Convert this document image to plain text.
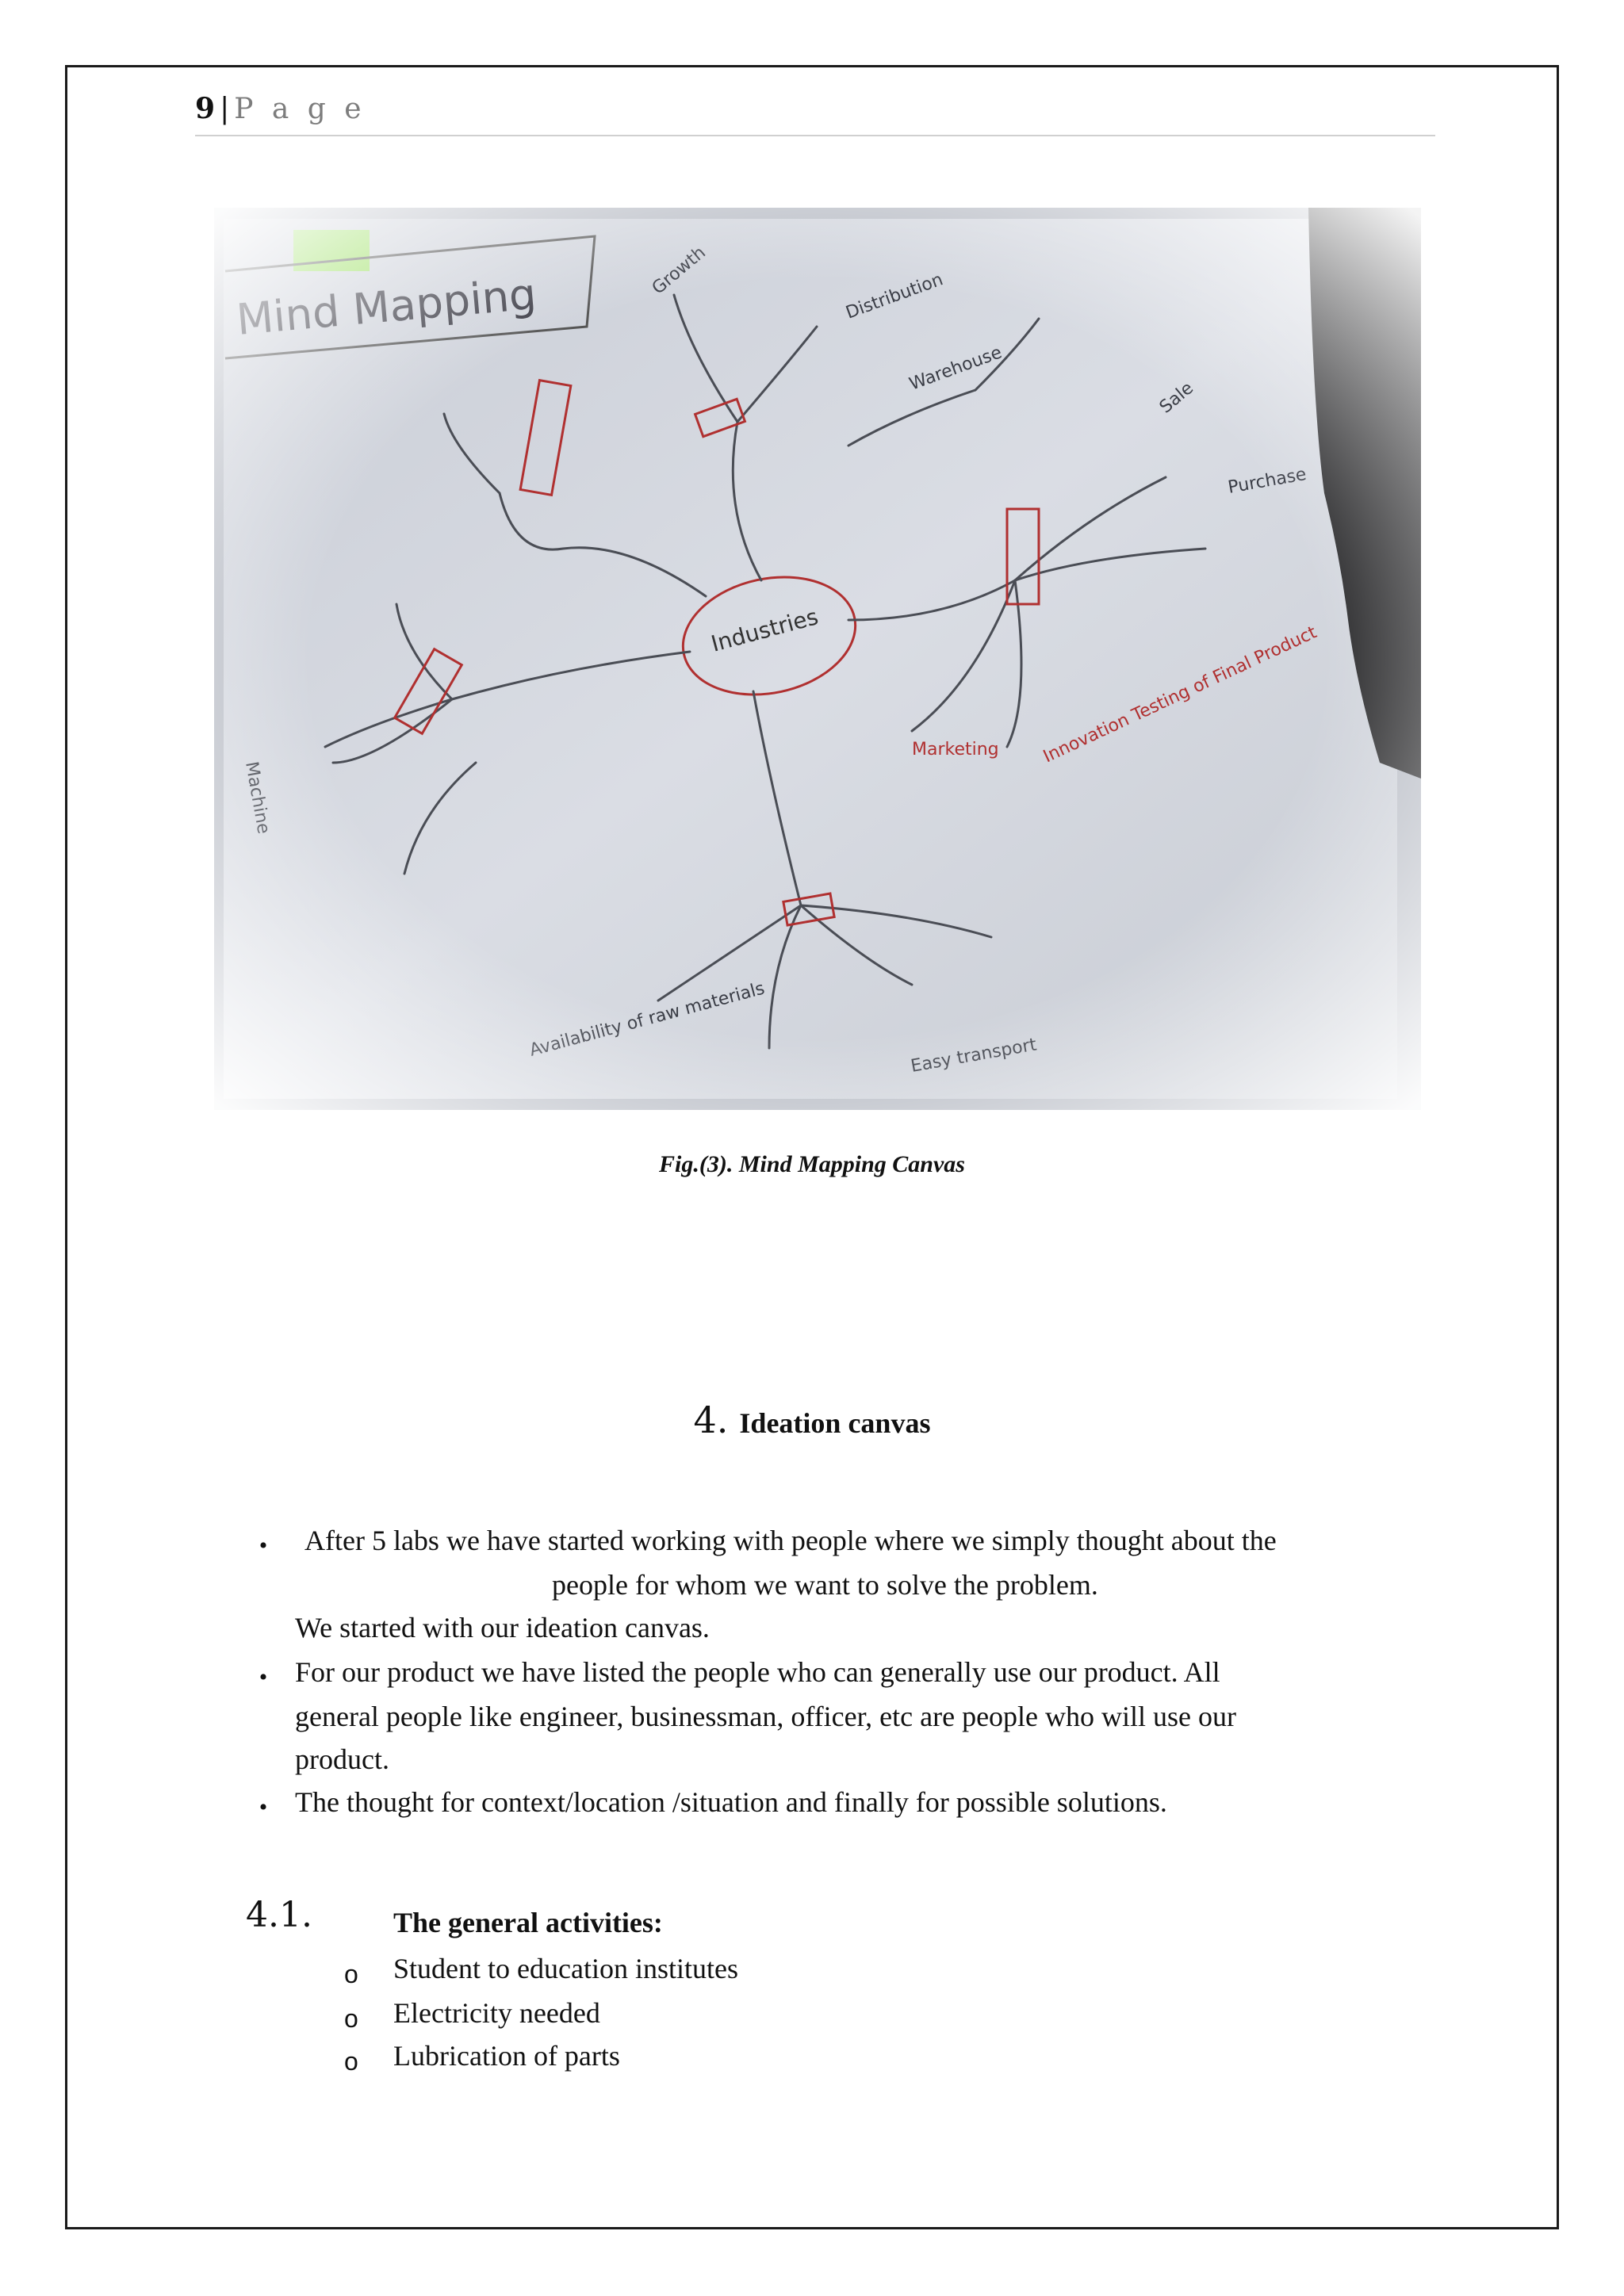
9 | P a g e
Fig.(3). Mind Mapping Canvas
4. Ideation canvas
• After 5 labs we have started working with people where we simply thought about the
people for whom we want to solve the problem.
We started with our ideation canvas.
• For our product we have listed the people who can generally use our product. All
general people like engineer, businessman, officer, etc are people who will use our
product.
• The thought for context/location /situation and finally for possible solutions.
4.1.	The general activities:
o Student to education institutes
o Electricity needed
o Lubrication of parts
